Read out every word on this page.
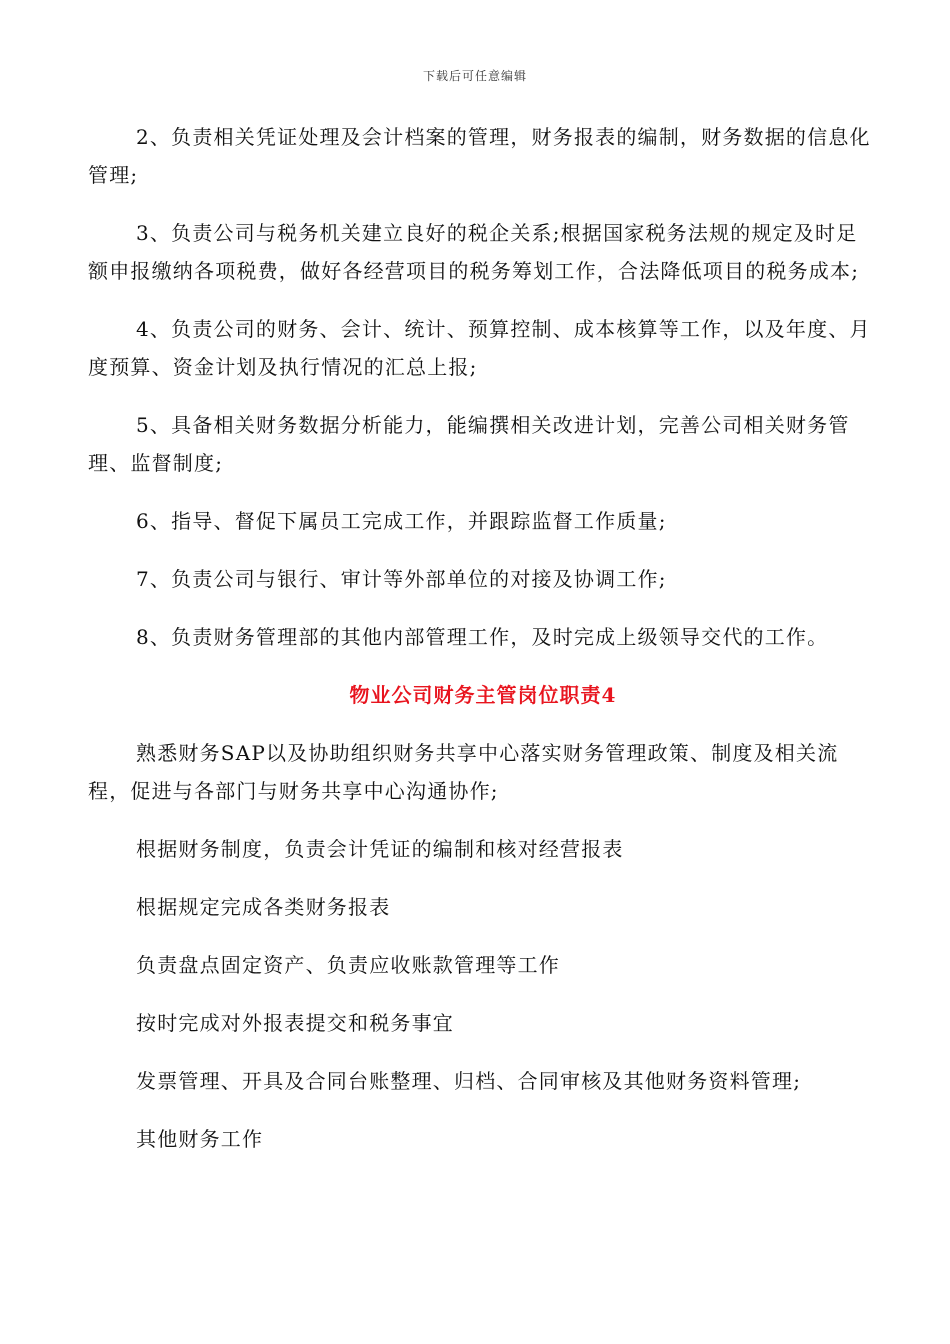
下载后可任意编辑

2、负责相关凭证处理及会计档案的管理，财务报表的编制，财务数据的信息化管理;

3、负责公司与税务机关建立良好的税企关系;根据国家税务法规的规定及时足额申报缴纳各项税费，做好各经营项目的税务筹划工作，合法降低项目的税务成本;

4、负责公司的财务、会计、统计、预算控制、成本核算等工作，以及年度、月度预算、资金计划及执行情况的汇总上报;

5、具备相关财务数据分析能力，能编撰相关改进计划，完善公司相关财务管理、监督制度;

6、指导、督促下属员工完成工作，并跟踪监督工作质量;

7、负责公司与银行、审计等外部单位的对接及协调工作;

8、负责财务管理部的其他内部管理工作，及时完成上级领导交代的工作。

物业公司财务主管岗位职责4

熟悉财务SAP以及协助组织财务共享中心落实财务管理政策、制度及相关流程，促进与各部门与财务共享中心沟通协作;

根据财务制度，负责会计凭证的编制和核对经营报表

根据规定完成各类财务报表

负责盘点固定资产、负责应收账款管理等工作

按时完成对外报表提交和税务事宜

发票管理、开具及合同台账整理、归档、合同审核及其他财务资料管理;

其他财务工作
